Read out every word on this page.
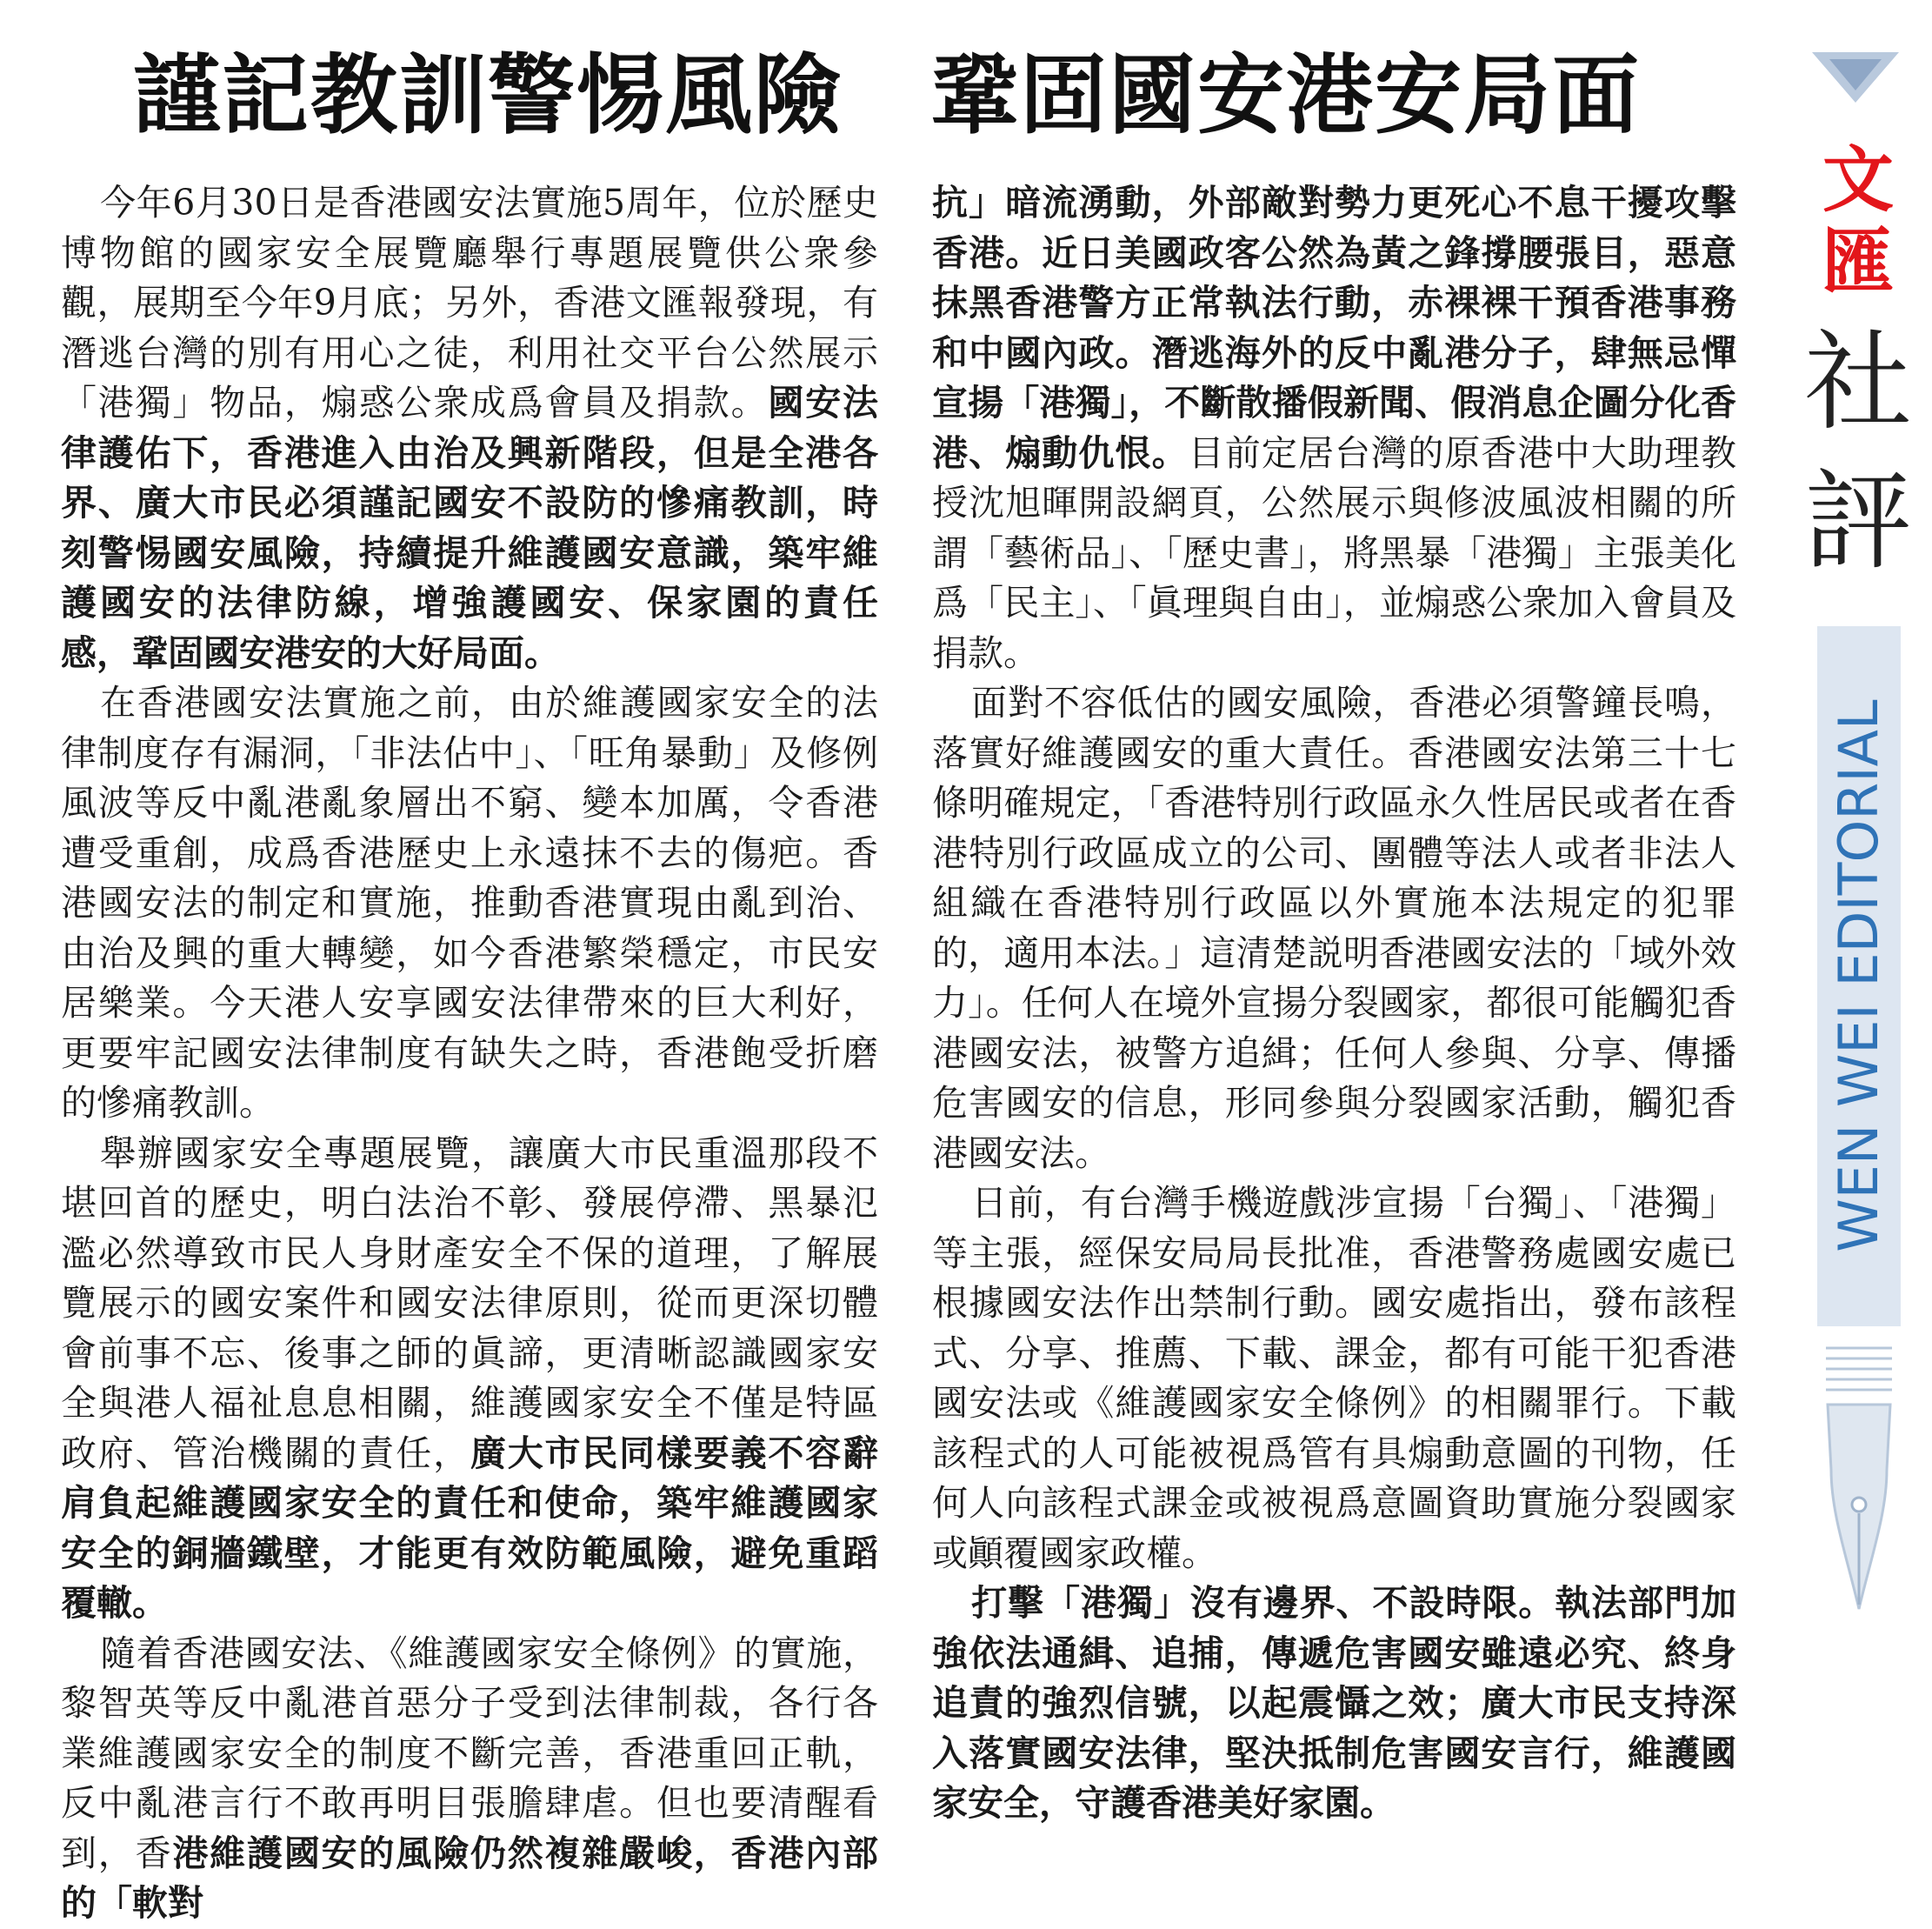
謹記教訓警惕風險　鞏固國安港安局面

今年6月30日是香港國安法實施5周年，位於歷史博物館的國家安全展覽廳舉行專題展覽供公衆參觀，展期至今年9月底；另外，香港文匯報發現，有潛逃台灣的別有用心之徒，利用社交平台公然展示「港獨」物品，煽惑公衆成爲會員及捐款。國安法律護佑下，香港進入由治及興新階段，但是全港各界、廣大市民必須謹記國安不設防的慘痛教訓，時刻警惕國安風險，持續提升維護國安意識，築牢維護國安的法律防線，增強護國安、保家園的責任感，鞏固國安港安的大好局面。

在香港國安法實施之前，由於維護國家安全的法律制度存有漏洞，「非法佔中」、「旺角暴動」及修例風波等反中亂港亂象層出不窮、變本加厲，令香港遭受重創，成爲香港歷史上永遠抹不去的傷疤。香港國安法的制定和實施，推動香港實現由亂到治、由治及興的重大轉變，如今香港繁榮穩定，市民安居樂業。今天港人安享國安法律帶來的巨大利好，更要牢記國安法律制度有缺失之時，香港飽受折磨的慘痛教訓。

舉辦國家安全專題展覽，讓廣大市民重溫那段不堪回首的歷史，明白法治不彰、發展停滯、黑暴氾濫必然導致市民人身財產安全不保的道理，了解展覽展示的國安案件和國安法律原則，從而更深切體會前事不忘、後事之師的眞諦，更清晰認識國家安全與港人福祉息息相關，維護國家安全不僅是特區政府、管治機關的責任，廣大市民同樣要義不容辭肩負起維護國家安全的責任和使命，築牢維護國家安全的銅牆鐵壁，才能更有效防範風險，避免重蹈覆轍。

隨着香港國安法、《維護國家安全條例》的實施，黎智英等反中亂港首惡分子受到法律制裁，各行各業維護國家安全的制度不斷完善，香港重回正軌，反中亂港言行不敢再明目張膽肆虐。但也要清醒看到，香港維護國安的風險仍然複雜嚴峻，香港內部的「軟對

抗」暗流湧動，外部敵對勢力更死心不息干擾攻擊香港。近日美國政客公然為黃之鋒撐腰張目，惡意抹黑香港警方正常執法行動，赤裸裸干預香港事務和中國內政。潛逃海外的反中亂港分子，肆無忌憚宣揚「港獨」，不斷散播假新聞、假消息企圖分化香港、煽動仇恨。目前定居台灣的原香港中大助理教授沈旭暉開設網頁，公然展示與修波風波相關的所謂「藝術品」、「歷史書」，將黑暴「港獨」主張美化爲「民主」、「眞理與自由」，並煽惑公衆加入會員及捐款。

面對不容低估的國安風險，香港必須警鐘長鳴，落實好維護國安的重大責任。香港國安法第三十七條明確規定，「香港特別行政區永久性居民或者在香港特別行政區成立的公司、團體等法人或者非法人組織在香港特別行政區以外實施本法規定的犯罪的，適用本法。」這清楚説明香港國安法的「域外效力」。任何人在境外宣揚分裂國家，都很可能觸犯香港國安法，被警方追緝；任何人參與、分享、傳播危害國安的信息，形同參與分裂國家活動，觸犯香港國安法。

日前，有台灣手機遊戲涉宣揚「台獨」、「港獨」等主張，經保安局局長批准，香港警務處國安處已根據國安法作出禁制行動。國安處指出，發布該程式、分享、推薦、下載、課金，都有可能干犯香港國安法或《維護國家安全條例》的相關罪行。下載該程式的人可能被視爲管有具煽動意圖的刊物，任何人向該程式課金或被視爲意圖資助實施分裂國家或顚覆國家政權。

打擊「港獨」沒有邊界、不設時限。執法部門加強依法通緝、追捕，傳遞危害國安雖遠必究、終身追責的強烈信號，以起震懾之效；廣大市民支持深入落實國安法律，堅決抵制危害國安言行，維護國家安全，守護香港美好家園。

文
匯
社
評
WEN WEI EDITORIAL
